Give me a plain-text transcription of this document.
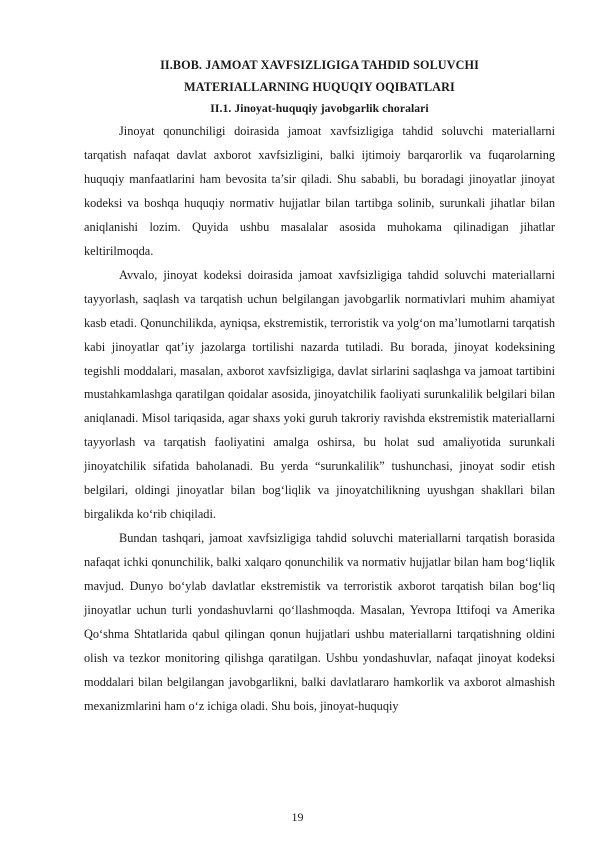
II.BOB. JAMOAT XAVFSIZLIGIGA TAHDID SOLUVCHI

MATERIALLARNING HUQUQIY OQIBATLARI

II.1. Jinoyat-huquqiy javobgarlik choralari

Jinoyat qonunchiligi doirasida jamoat xavfsizligiga tahdid soluvchi materiallarni tarqatish nafaqat davlat axborot xavfsizligini, balki ijtimoiy barqarorlik va fuqarolarning huquqiy manfaatlarini ham bevosita ta’sir qiladi. Shu sababli, bu boradagi jinoyatlar jinoyat kodeksi va boshqa huquqiy normativ hujjatlar bilan tartibga solinib, surunkali jihatlar bilan aniqlanishi lozim. Quyida ushbu masalalar asosida muhokama qilinadigan jihatlar keltirilmoqda.

Avvalo, jinoyat kodeksi doirasida jamoat xavfsizligiga tahdid soluvchi materiallarni tayyorlash, saqlash va tarqatish uchun belgilangan javobgarlik normativlari muhim ahamiyat kasb etadi. Qonunchilikda, ayniqsa, ekstremistik, terroristik va yolg‘on ma’lumotlarni tarqatish kabi jinoyatlar qat’iy jazolarga tortilishi nazarda tutiladi. Bu borada, jinoyat kodeksining tegishli moddalari, masalan, axborot xavfsizligiga, davlat sirlarini saqlashga va jamoat tartibini mustahkamlashga qaratilgan qoidalar asosida, jinoyatchilik faoliyati surunkalilik belgilari bilan aniqlanadi. Misol tariqasida, agar shaxs yoki guruh takroriy ravishda ekstremistik materiallarni tayyorlash va tarqatish faoliyatini amalga oshirsa, bu holat sud amaliyotida surunkali jinoyatchilik sifatida baholanadi. Bu yerda “surunkalilik” tushunchasi, jinoyat sodir etish belgilari, oldingi jinoyatlar bilan bog‘liqlik va jinoyatchilikning uyushgan shakllari bilan birgalikda ko‘rib chiqiladi.

Bundan tashqari, jamoat xavfsizligiga tahdid soluvchi materiallarni tarqatish borasida nafaqat ichki qonunchilik, balki xalqaro qonunchilik va normativ hujjatlar bilan ham bog‘liqlik mavjud. Dunyo bo‘ylab davlatlar ekstremistik va terroristik axborot tarqatish bilan bog‘liq jinoyatlar uchun turli yondashuvlarni qo‘llashmoqda. Masalan, Yevropa Ittifoqi va Amerika Qo‘shma Shtatlarida qabul qilingan qonun hujjatlari ushbu materiallarni tarqatishning oldini olish va tezkor monitoring qilishga qaratilgan. Ushbu yondashuvlar, nafaqat jinoyat kodeksi moddalari bilan belgilangan javobgarlikni, balki davlatlararo hamkorlik va axborot almashish mexanizmlarini ham o‘z ichiga oladi. Shu bois, jinoyat-huquqiy

19
